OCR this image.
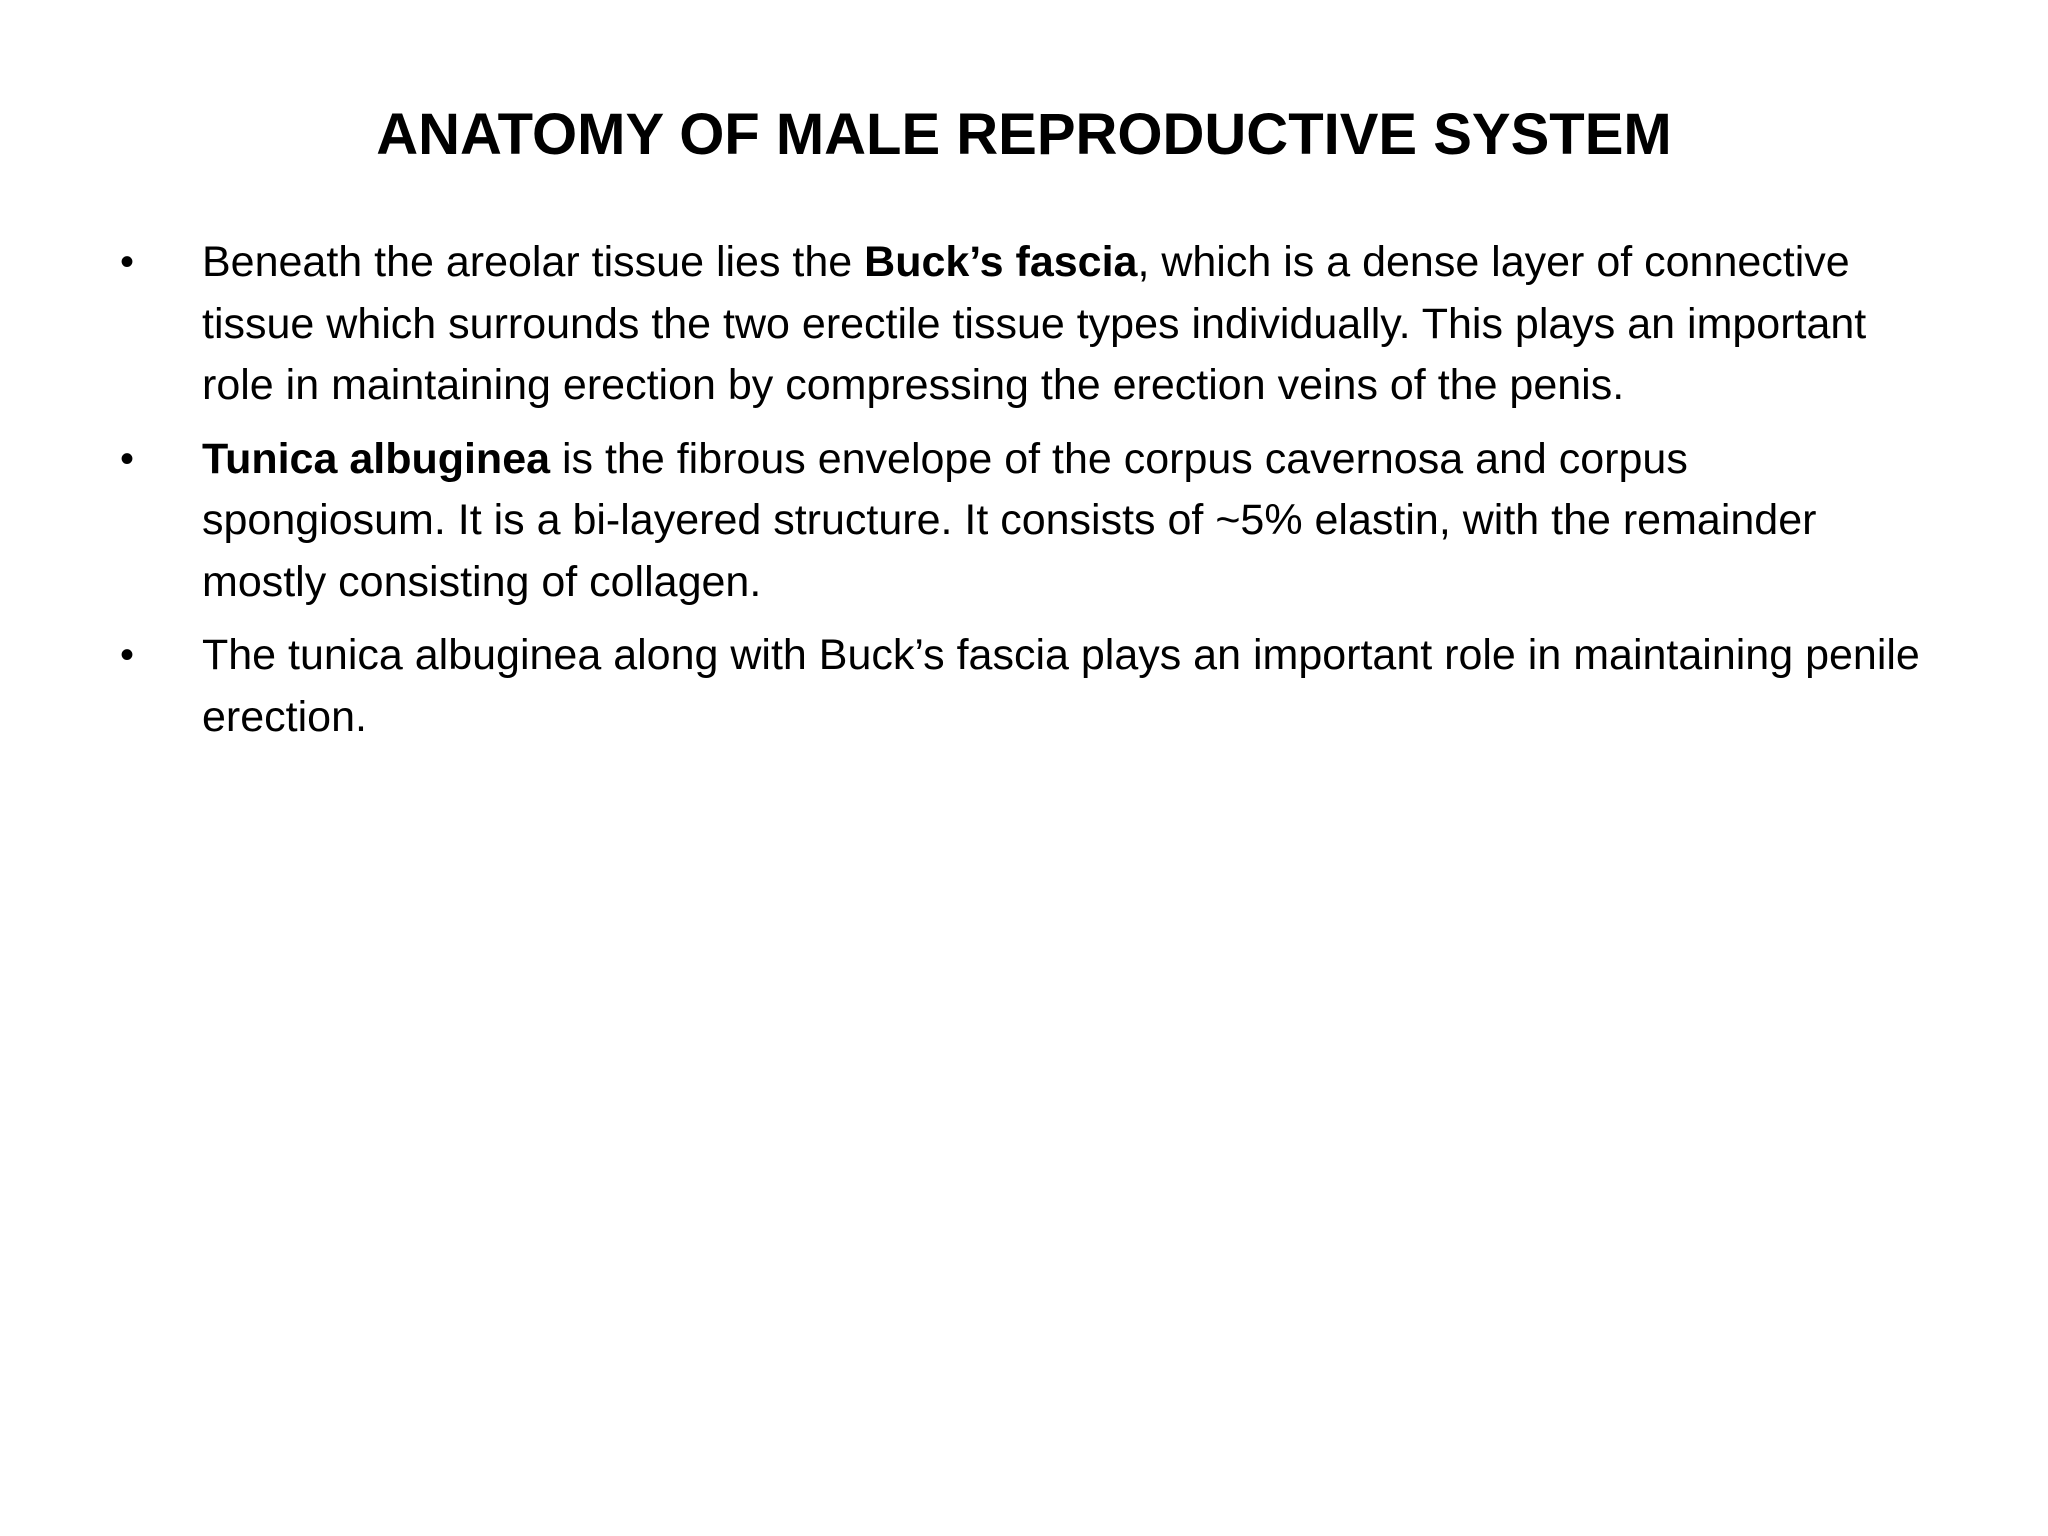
ANATOMY OF MALE REPRODUCTIVE SYSTEM
• Beneath the areolar tissue lies the Buck’s fascia, which is a dense layer of connective tissue which surrounds the two erectile tissue types individually. This plays an important role in maintaining erection by compressing the erection veins of the penis.
• Tunica albuginea is the fibrous envelope of the corpus cavernosa and corpus spongiosum. It is a bi-layered structure. It consists of ~5% elastin, with the remainder mostly consisting of collagen.
• The tunica albuginea along with Buck’s fascia plays an important role in maintaining penile erection.
